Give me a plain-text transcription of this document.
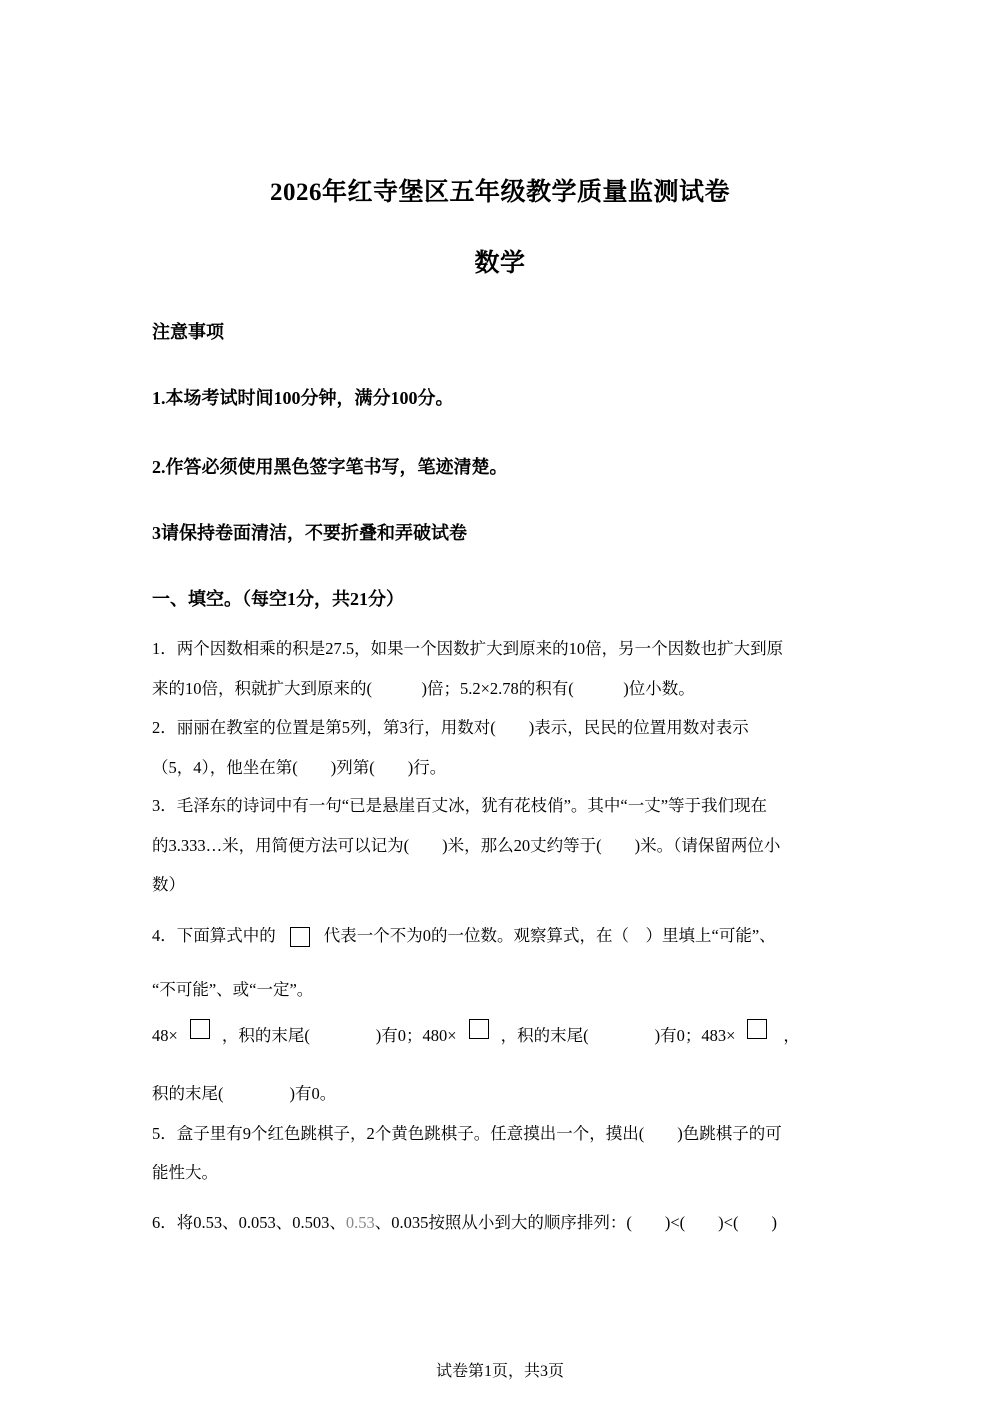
2026年红寺堡区五年级教学质量监测试卷
数学
注意事项
1.本场考试时间100分钟，满分100分。
2.作答必须使用黑色签字笔书写，笔迹清楚。
3请保持卷面清洁，不要折叠和弄破试卷
一、填空。（每空1分，共21分）
1．两个因数相乘的积是27.5，如果一个因数扩大到原来的10倍，另一个因数也扩大到原
来的10倍，积就扩大到原来的(　　　)倍；5.2×2.78的积有(　　　)位小数。
2．丽丽在教室的位置是第5列，第3行，用数对(　　)表示，民民的位置用数对表示
（5，4），他坐在第(　　)列第(　　)行。
3．毛泽东的诗词中有一句“已是悬崖百丈冰，犹有花枝俏”。其中“一丈”等于我们现在
的3.333…米，用简便方法可以记为(　　)米，那么20丈约等于(　　)米。（请保留两位小
数）
4．下面算式中的	代表一个不为0的一位数。观察算式，在（　）里填上“可能”、
“不可能”、或“一定”。
48×	，积的末尾(　　　　)有0；480×	，积的末尾(　　　　)有0；483×	，
积的末尾(　　　　)有0。
5．盒子里有9个红色跳棋子，2个黄色跳棋子。任意摸出一个，摸出(　　)色跳棋子的可
能性大。
6．将0.53、0.053、0.503、0.53、0.035按照从小到大的顺序排列：(　　)<(　　)<(　　)
试卷第1页，共3页
